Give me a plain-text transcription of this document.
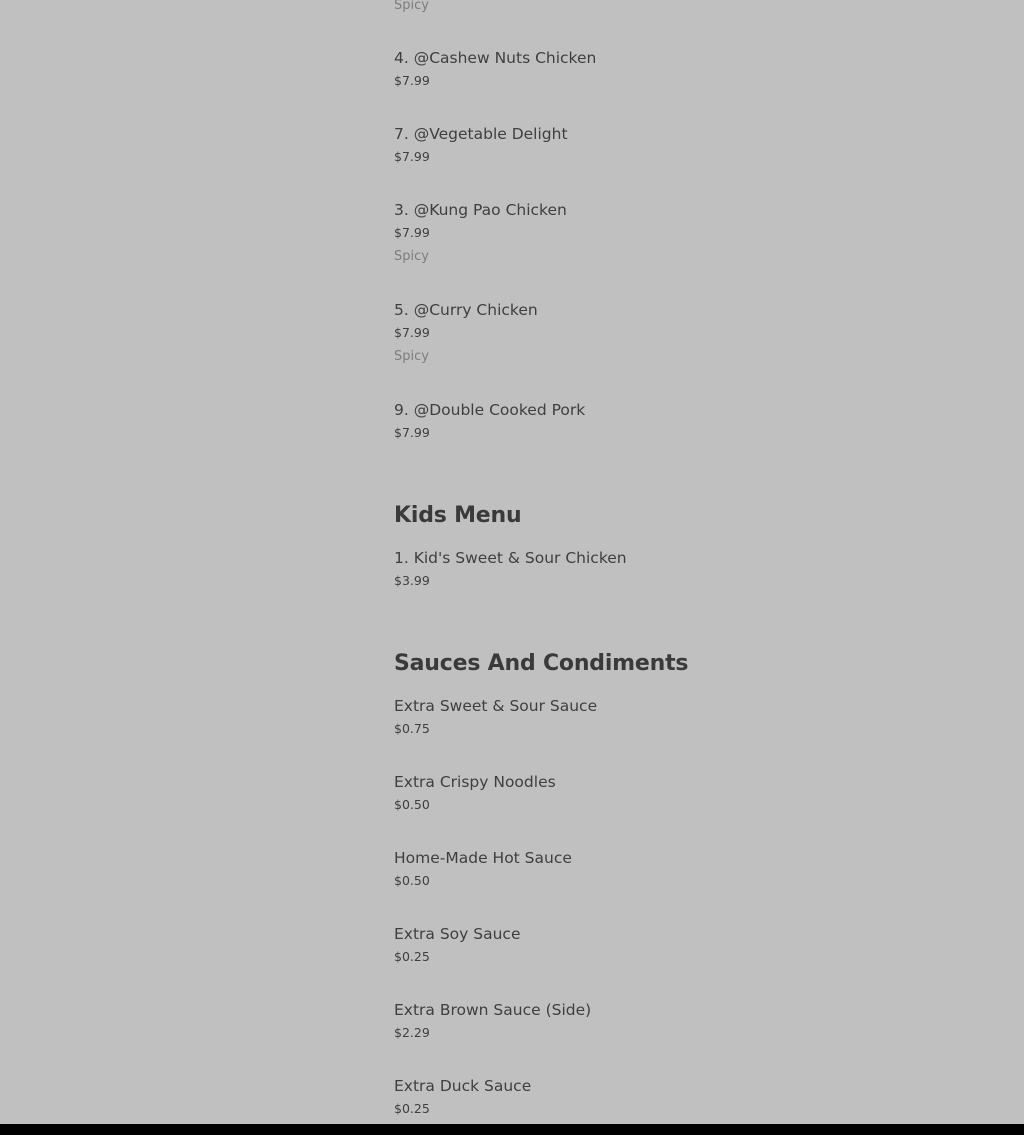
Spicy
4. @Cashew Nuts Chicken
$7.99
7. @Vegetable Delight
$7.99
3. @Kung Pao Chicken
$7.99
Spicy
5. @Curry Chicken
$7.99
Spicy
9. @Double Cooked Pork
$7.99
Kids Menu
1. Kid's Sweet & Sour Chicken
$3.99
Sauces And Condiments
Extra Sweet & Sour Sauce
$0.75
Extra Crispy Noodles
$0.50
Home-Made Hot Sauce
$0.50
Extra Soy Sauce
$0.25
Extra Brown Sauce (Side)
$2.29
Extra Duck Sauce
$0.25
